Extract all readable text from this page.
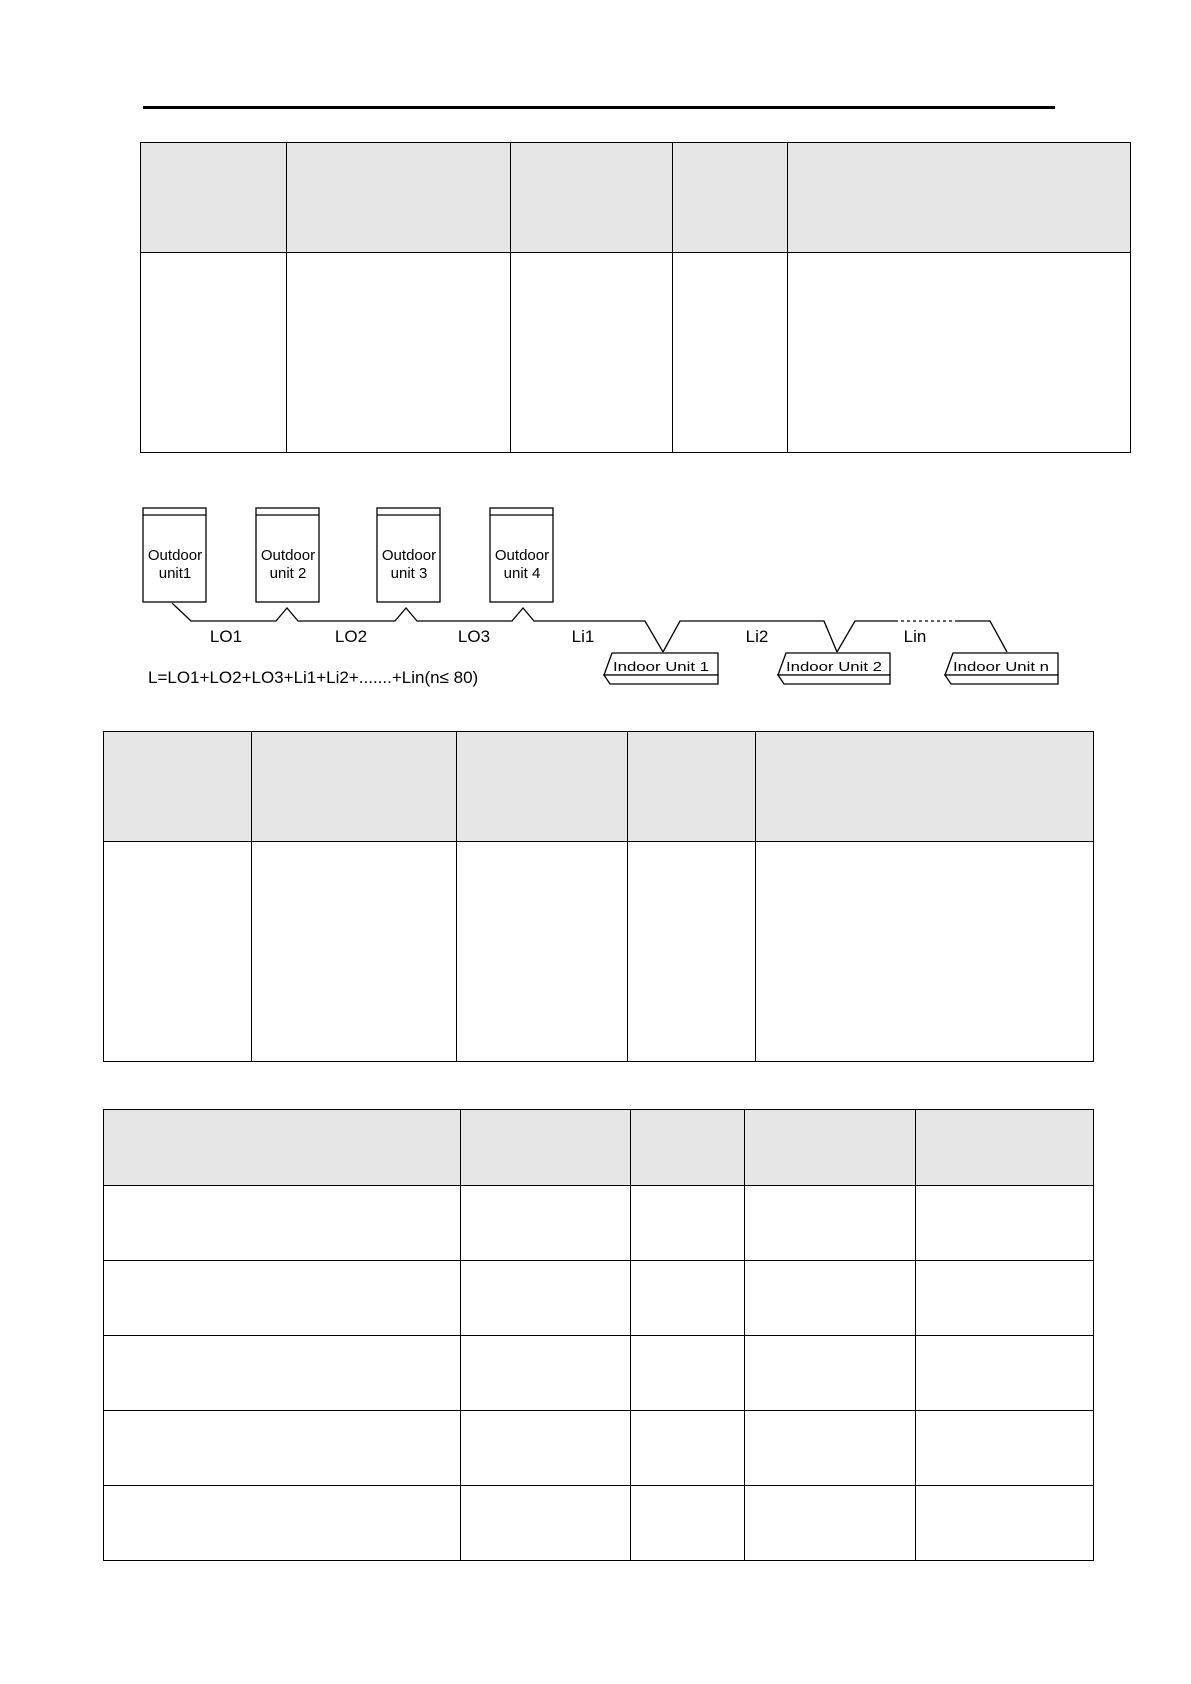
Outdoor
unit1
Outdoor
unit 2
Outdoor
unit 3
Outdoor
unit 4
Indoor Unit 1	Indoor Unit 2	Indoor Unit n
LO1	LO2	LO3	Li1	Li2	Lin
L=LO1+LO2+LO3+Li1+Li2+.......+Lin(n≤ 80)
